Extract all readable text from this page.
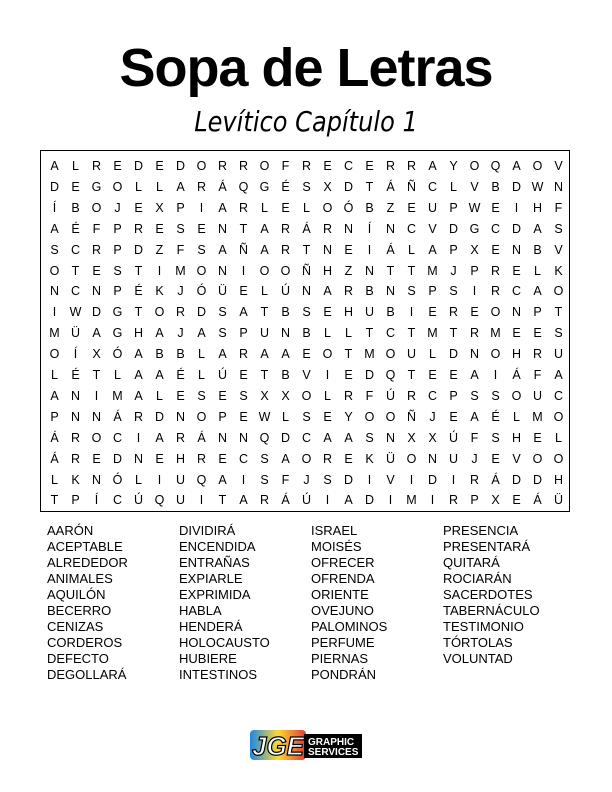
Sopa de Letras
Levítico Capítulo 1
A	L	R E D E D O R R O F	R E C E R R A	Y O Q A O V
D E G O	L	L	A R Á Q G É	S	X D	T	Á Ñ C	L	V	B D W N
Í	B O	J	E	X	P	I	A R	L	E	L	O Ó B	Z	E U P W E	I	H	F
A	É	F	P R E	S	E N	T	A R Á R N	Í	N C V D G C D A	S
S C R P D	Z	F	S	A Ñ A R	T	N E	I	Á	L	A	P	X	E N B	V
O T	E	S	T	I	M O N	I	O O Ñ H	Z	N	T	T M	J	P R E	L	K
N C N P	É	K	J	Ó Ü E	L	Ú N A R B N S	P	S	I	R C A O
I	W D G T O R D S	A	T	B	S	E H U B	I	E R E O N P	T
M Ü A G H A	J	A	S	P U N B	L	L	T	C	T M T	R M E	E	S
O	Í	X Ó A	B	B	L	A R A	A	E O T M O U	L	D N O H R U
L	É	T	L	A	A	É	L	Ú E	T	B	V	I	E D Q T	E	E	A	I	Á	F	A
A N	I	M A	L	E	S	E	S	X	X O	L	R	F	Ú R C P	S	S O U C
P N N Á R D N O P	E W L	S	E	Y O O Ñ	J	E	A	É	L M O
Á R O C	I	A R Á N N Q D C A	A	S N X	X Ú	F	S H E	L
Á R E D N E H R E C S	A O R E	K Ü O N U	J	E	V O O
L	K N Ó	L	I	U Q A	I	S	F	J	S D	I	V	I	D	I	R Á D D H
T	P	Í	C Ú Q U	I	T	A R Á Ú	I	A D	I	M	I	R P	X	E	Á Ü
AARÓN
ACEPTABLE
ALREDEDOR
ANIMALES
AQUILÓN
BECERRO
CENIZAS
CORDEROS
DEFECTO
DEGOLLARÁ
DIVIDIRÁ
ENCENDIDA
ENTRAÑAS
EXPIARLE
EXPRIMIDA
HABLA
HENDERÁ
HOLOCAUSTO
HUBIERE
INTESTINOS
ISRAEL
MOISÉS
OFRECER
OFRENDA
ORIENTE
OVEJUNO
PALOMINOS
PERFUME
PIERNAS
PONDRÁN
PRESENCIA
PRESENTARÁ
QUITARÁ
ROCIARÁN
SACERDOTES
TABERNÁCULO
TESTIMONIO
TÓRTOLAS
VOLUNTAD
JGE GRAPHIC
SERVICES
